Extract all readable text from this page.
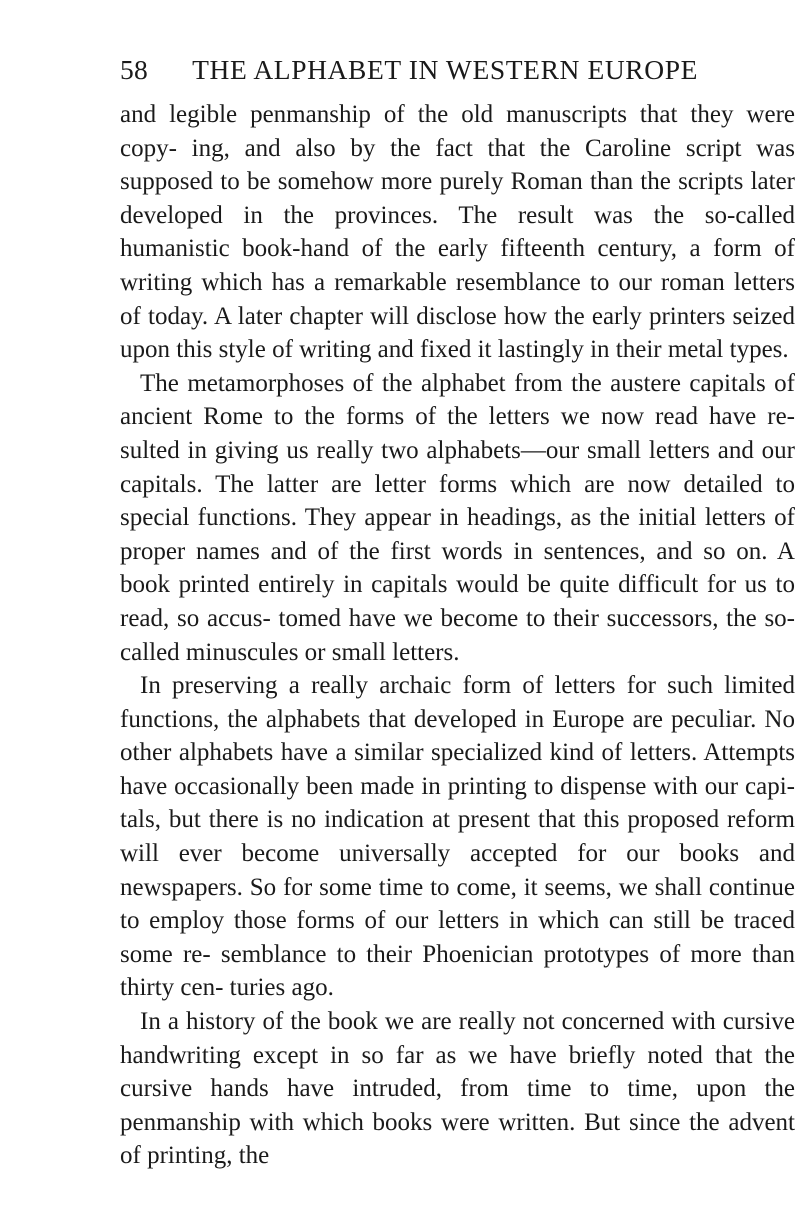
58 THE ALPHABET IN WESTERN EUROPE

and legible penmanship of the old manuscripts that they were copy- ing, and also by the fact that the Caroline script was supposed to be somehow more purely Roman than the scripts later developed in the provinces. The result was the so-called humanistic book-hand of the early fifteenth century, a form of writing which has a remarkable resemblance to our roman letters of today. A later chapter will disclose how the early printers seized upon this style of writing and fixed it lastingly in their metal types.

The metamorphoses of the alphabet from the austere capitals of ancient Rome to the forms of the letters we now read have re- sulted in giving us really two alphabets—our small letters and our capitals. The latter are letter forms which are now detailed to special functions. They appear in headings, as the initial letters of proper names and of the first words in sentences, and so on. A book printed entirely in capitals would be quite difficult for us to read, so accus- tomed have we become to their successors, the so-called minuscules or small letters.

In preserving a really archaic form of letters for such limited functions, the alphabets that developed in Europe are peculiar. No other alphabets have a similar specialized kind of letters. Attempts have occasionally been made in printing to dispense with our capi- tals, but there is no indication at present that this proposed reform will ever become universally accepted for our books and newspapers. So for some time to come, it seems, we shall continue to employ those forms of our letters in which can still be traced some re- semblance to their Phoenician prototypes of more than thirty cen- turies ago.

In a history of the book we are really not concerned with cursive handwriting except in so far as we have briefly noted that the cursive hands have intruded, from time to time, upon the penmanship with which books were written. But since the advent of printing, the
